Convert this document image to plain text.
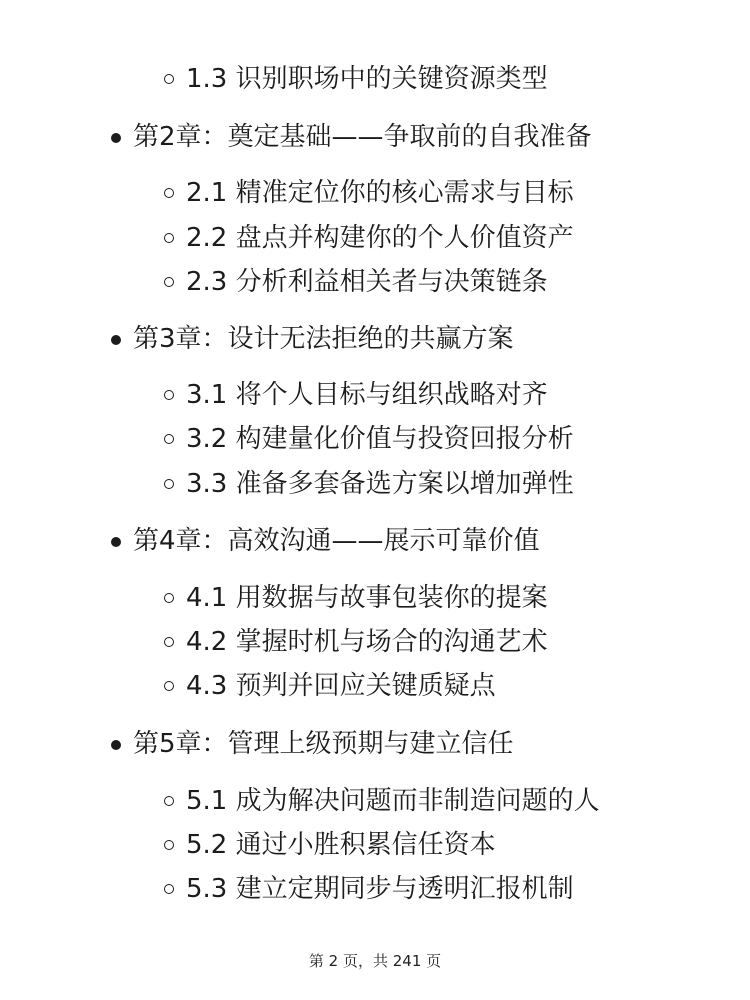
1.3 识别职场中的关键资源类型
第2章：奠定基础——争取前的自我准备
2.1 精准定位你的核心需求与目标
2.2 盘点并构建你的个人价值资产
2.3 分析利益相关者与决策链条
第3章：设计无法拒绝的共赢方案
3.1 将个人目标与组织战略对齐
3.2 构建量化价值与投资回报分析
3.3 准备多套备选方案以增加弹性
第4章：高效沟通——展示可靠价值
4.1 用数据与故事包装你的提案
4.2 掌握时机与场合的沟通艺术
4.3 预判并回应关键质疑点
第5章：管理上级预期与建立信任
5.1 成为解决问题而非制造问题的人
5.2 通过小胜积累信任资本
5.3 建立定期同步与透明汇报机制
第 2 页，共 241 页
